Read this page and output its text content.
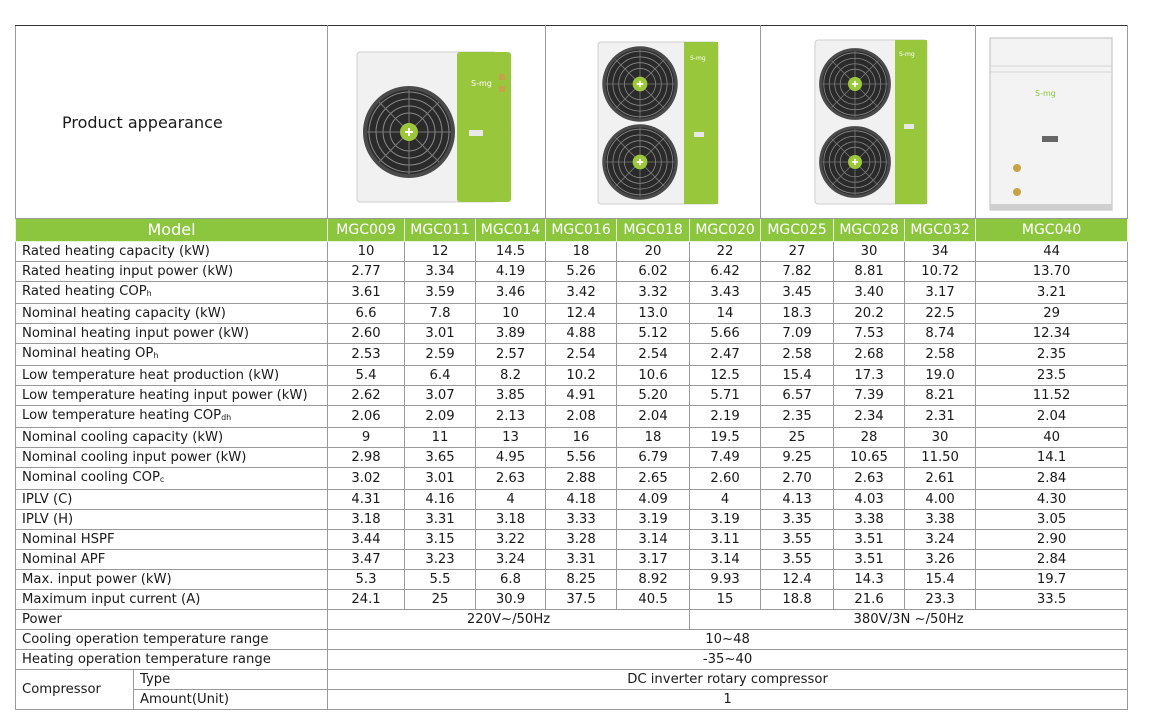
Product appearance		S-mg			S-mg			S-mg			S-mg

Model		MGC009	MGC011	MGC014	MGC016	MGC018	MGC020	MGC025	MGC028	MGC032	MGC040
Rated heating capacity (kW)		10	12	14.5	18	20	22	27	30	34	44
Rated heating input power (kW)		2.77	3.34	4.19	5.26	6.02	6.42	7.82	8.81	10.72	13.70
Rated heating $COP_h$		3.61	3.59	3.46	3.42	3.32	3.43	3.45	3.40	3.17	3.21
Nominal heating capacity (kW)		6.6	7.8	10	12.4	13.0	14	18.3	20.2	22.5	29
Nominal heating input power (kW)		2.60	3.01	3.89	4.88	5.12	5.66	7.09	7.53	8.74	12.34
Nominal heating $OP_h$		2.53	2.59	2.57	2.54	2.54	2.47	2.58	2.68	2.58	2.35
Low temperature heat production (kW)		5.4	6.4	8.2	10.2	10.6	12.5	15.4	17.3	19.0	23.5
Low temperature heating input power (kW)		2.62	3.07	3.85	4.91	5.20	5.71	6.57	7.39	8.21	11.52
Low temperature heating $COP_{dh}$		2.06	2.09	2.13	2.08	2.04	2.19	2.35	2.34	2.31	2.04
Nominal cooling capacity (kW)		9	11	13	16	18	19.5	25	28	30	40
Nominal cooling input power (kW)		2.98	3.65	4.95	5.56	6.79	7.49	9.25	10.65	11.50	14.1
Nominal cooling $COP_c$		3.02	3.01	2.63	2.88	2.65	2.60	2.70	2.63	2.61	2.84
IPLV (C)		4.31	4.16	4	4.18	4.09	4	4.13	4.03	4.00	4.30
IPLV (H)		3.18	3.31	3.18	3.33	3.19	3.19	3.35	3.38	3.38	3.05
Nominal HSPF		3.44	3.15	3.22	3.28	3.14	3.11	3.55	3.51	3.24	2.90
Nominal APF		3.47	3.23	3.24	3.31	3.17	3.14	3.55	3.51	3.26	2.84
Max. input power (kW)		5.3	5.5	6.8	8.25	8.92	9.93	12.4	14.3	15.4	19.7
Maximum input current (A)		24.1	25	30.9	37.5	40.5	15	18.8	21.6	23.3	33.5
Power		220V~/50Hz					380V/3N ~/50Hz				
Cooling operation temperature range		10~48									
Heating operation temperature range		-35~40									
Compressor	Type	DC inverter rotary compressor									
	Amount(Unit)	1									
